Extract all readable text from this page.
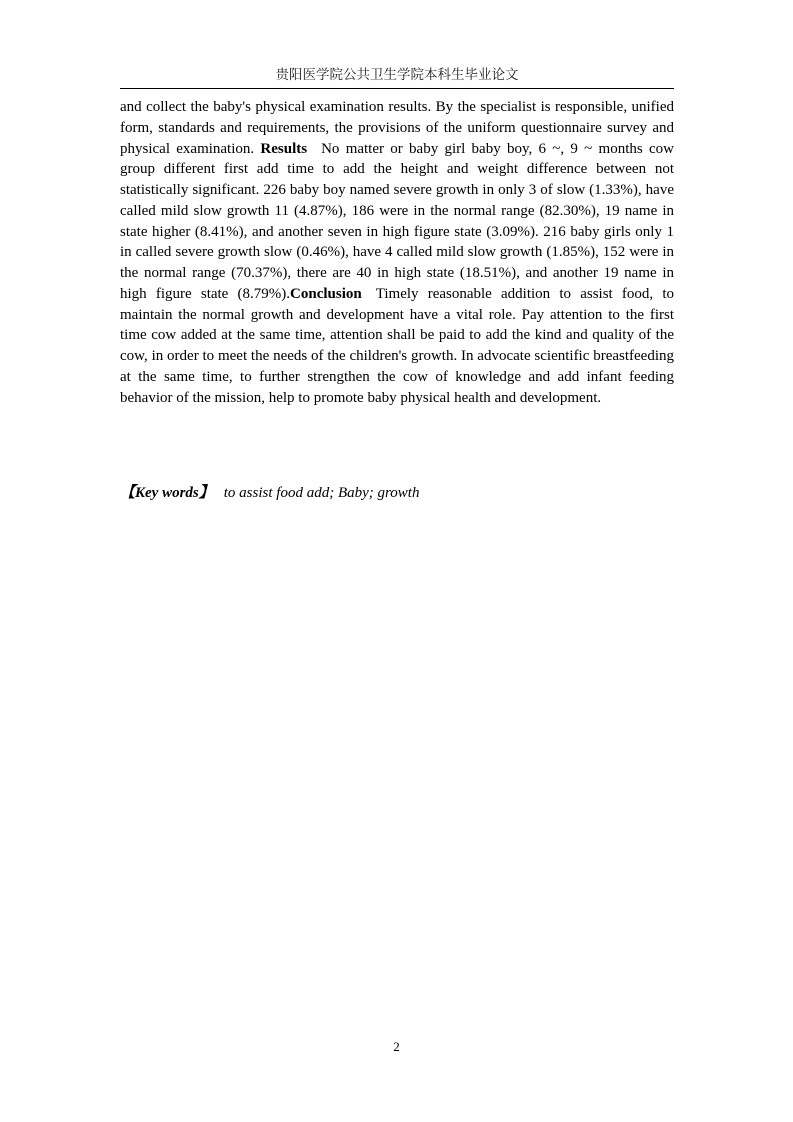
贵阳医学院公共卫生学院本科生毕业论文
and collect the baby's physical examination results. By the specialist is responsible, unified form, standards and requirements, the provisions of the uniform questionnaire survey and physical examination. Results No matter or baby girl baby boy, 6 ~, 9 ~ months cow group different first add time to add the height and weight difference between not statistically significant. 226 baby boy named severe growth in only 3 of slow (1.33%), have called mild slow growth 11 (4.87%), 186 were in the normal range (82.30%), 19 name in state higher (8.41%), and another seven in high figure state (3.09%). 216 baby girls only 1 in called severe growth slow (0.46%), have 4 called mild slow growth (1.85%), 152 were in the normal range (70.37%), there are 40 in high state (18.51%), and another 19 name in high figure state (8.79%).Conclusion Timely reasonable addition to assist food, to maintain the normal growth and development have a vital role. Pay attention to the first time cow added at the same time, attention shall be paid to add the kind and quality of the cow, in order to meet the needs of the children's growth. In advocate scientific breastfeeding at the same time, to further strengthen the cow of knowledge and add infant feeding behavior of the mission, help to promote baby physical health and development.
【Key words】 to assist food add; Baby; growth
2
